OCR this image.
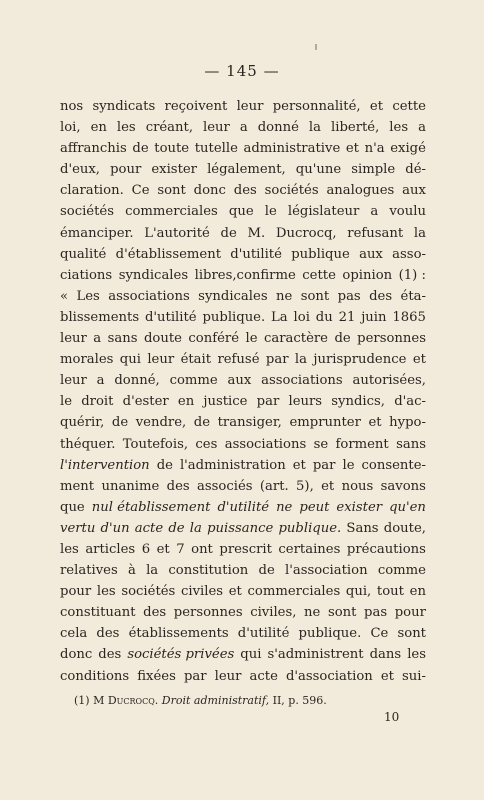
— 145 —
nos syndicats reçoivent leur personnalité, et cette
loi, en les créant, leur a donné la liberté, les a
affranchis de toute tutelle administrative et n'a exigé
d'eux, pour exister légalement, qu'une simple dé-
claration. Ce sont donc des sociétés analogues aux
sociétés commerciales que le législateur a voulu
émanciper. L'autorité de M. Ducrocq, refusant la
qualité d'établissement d'utilité publique aux asso-
ciations syndicales libres,confirme cette opinion (1) :
« Les associations syndicales ne sont pas des éta-
blissements d'utilité publique. La loi du 21 juin 1865
leur a sans doute conféré le caractère de personnes
morales qui leur était refusé par la jurisprudence et
leur a donné, comme aux associations autorisées,
le droit d'ester en justice par leurs syndics, d'ac-
quérir, de vendre, de transiger, emprunter et hypo-
théquer. Toutefois, ces associations se forment sans
l'intervention de l'administration et par le consente-
ment unanime des associés (art. 5), et nous savons
que nul établissement d'utilité ne peut exister qu'en
vertu d'un acte de la puissance publique. Sans doute,
les articles 6 et 7 ont prescrit certaines précautions
relatives à la constitution de l'association comme
pour les sociétés civiles et commerciales qui, tout en
constituant des personnes civiles, ne sont pas pour
cela des établissements d'utilité publique. Ce sont
donc des sociétés privées qui s'administrent dans les
conditions fixées par leur acte d'association et sui-
(1) M Ducrocq. Droit administratif, II, p. 596.
10
